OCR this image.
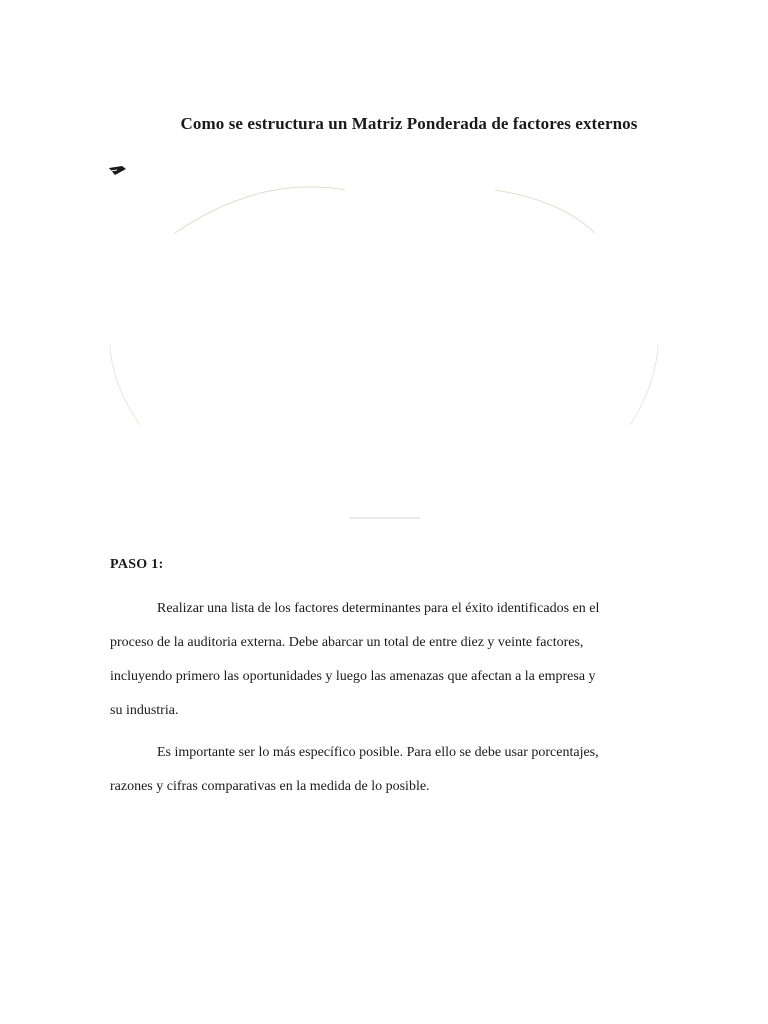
Como se estructura un Matriz Ponderada de factores externos
PASO 1:

Realizar una lista de los factores determinantes para el éxito identificados en el
proceso de la auditoria externa. Debe abarcar un total de entre diez y veinte factores,
incluyendo primero las oportunidades y luego las amenazas que afectan a la empresa y
su industria.

Es importante ser lo más específico posible. Para ello se debe usar porcentajes,
razones y cifras comparativas en la medida de lo posible.
